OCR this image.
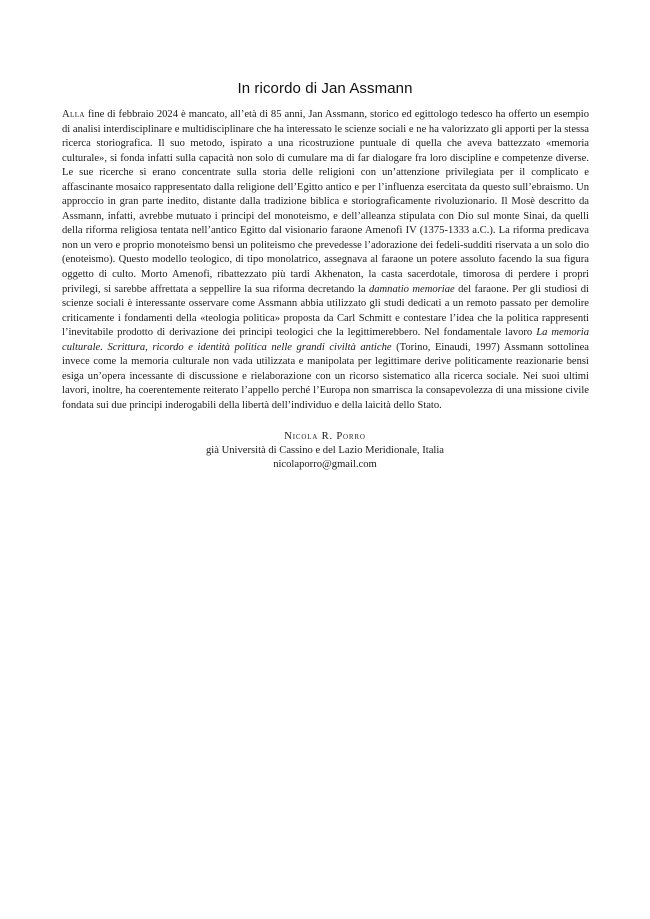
In ricordo di Jan Assmann

Alla fine di febbraio 2024 è mancato, all’età di 85 anni, Jan Assmann, storico ed egittologo tedesco ha offerto un esempio di analisi interdisciplinare e multidisciplinare che ha interessato le scienze sociali e ne ha valorizzato gli apporti per la stessa ricerca storiografica. Il suo metodo, ispirato a una ricostruzione puntuale di quella che aveva battezzato «memoria culturale», si fonda infatti sulla capacità non solo di cumulare ma di far dialogare fra loro discipline e competenze diverse. Le sue ricerche si erano concentrate sulla storia delle religioni con un’attenzione privilegiata per il complicato e affascinante mosaico rappresentato dalla religione dell’Egitto antico e per l’influenza esercitata da questo sull’ebraismo. Un approccio in gran parte inedito, distante dalla tradizione biblica e storiograficamente rivoluzionario. Il Mosè descritto da Assmann, infatti, avrebbe mutuato i principi del monoteismo, e dell’alleanza stipulata con Dio sul monte Sinai, da quelli della riforma religiosa tentata nell’antico Egitto dal visionario faraone Amenofi IV (1375-1333 a.C.). La riforma predicava non un vero e proprio monoteismo bensì un politeismo che prevedesse l’adorazione dei fedeli-sudditi riservata a un solo dio (enoteismo). Questo modello teologico, di tipo monolatrico, assegnava al faraone un potere assoluto facendo la sua figura oggetto di culto. Morto Amenofi, ribattezzato più tardi Akhenaton, la casta sacerdotale, timorosa di perdere i propri privilegi, si sarebbe affrettata a seppellire la sua riforma decretando la damnatio memoriae del faraone. Per gli studiosi di scienze sociali è interessante osservare come Assmann abbia utilizzato gli studi dedicati a un remoto passato per demolire criticamente i fondamenti della «teologia politica» proposta da Carl Schmitt e contestare l’idea che la politica rappresenti l’inevitabile prodotto di derivazione dei principi teologici che la legittimerebbero. Nel fondamentale lavoro La memoria culturale. Scrittura, ricordo e identità politica nelle grandi civiltà antiche (Torino, Einaudi, 1997) Assmann sottolinea invece come la memoria culturale non vada utilizzata e manipolata per legittimare derive politicamente reazionarie bensì esiga un’opera incessante di discussione e rielaborazione con un ricorso sistematico alla ricerca sociale. Nei suoi ultimi lavori, inoltre, ha coerentemente reiterato l’appello perché l’Europa non smarrisca la consapevolezza di una missione civile fondata sui due principi inderogabili della libertà dell’individuo e della laicità dello Stato.

Nicola R. Porro
già Università di Cassino e del Lazio Meridionale, Italia
nicolaporro@gmail.com
